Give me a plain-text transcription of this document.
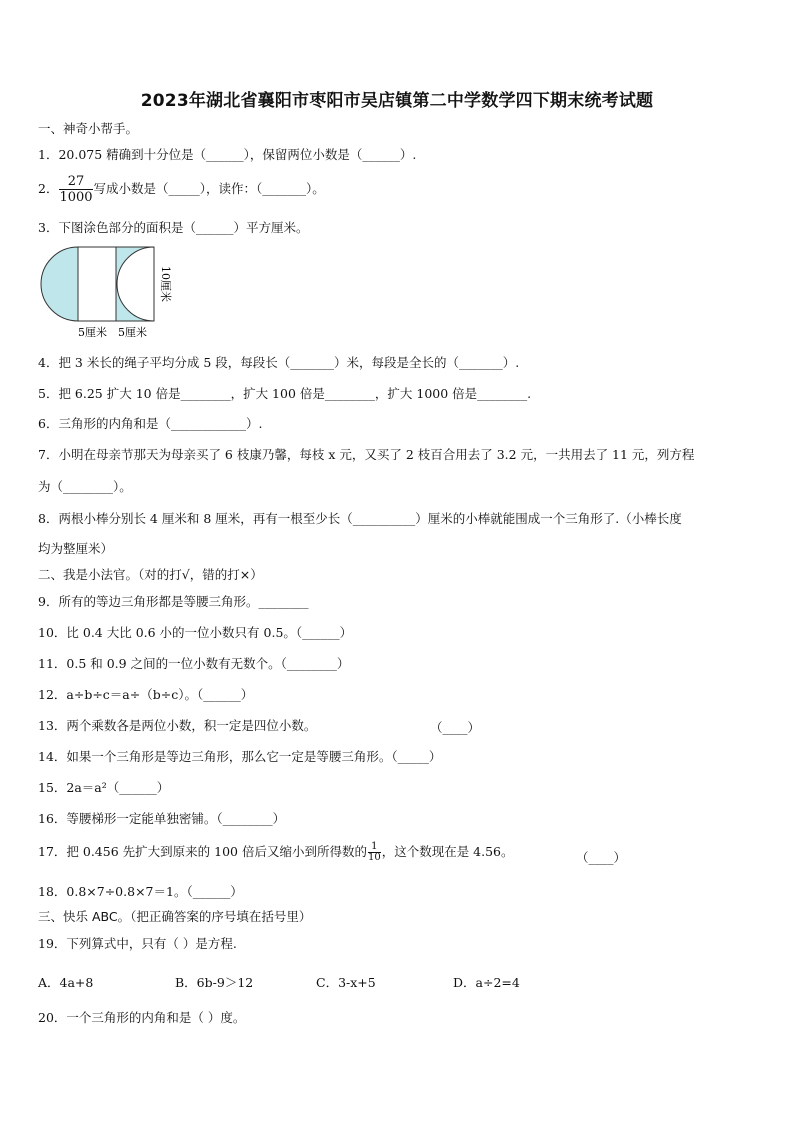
2023年湖北省襄阳市枣阳市吴店镇第二中学数学四下期末统考试题
一、神奇小帮手。
1．20.075 精确到十分位是（______），保留两位小数是（______）.
2． $\frac{27}{1000}$ 写成小数是（_____），读作：（_______）。
3．下图涂色部分的面积是（______）平方厘米。
10厘米
5厘米 5厘米
4．把 3 米长的绳子平均分成 5 段，每段长（_______）米，每段是全长的（_______）.
5．把 6.25 扩大 10 倍是________，扩大 100 倍是________，扩大 1000 倍是________.
6．三角形的内角和是（____________）.
7．小明在母亲节那天为母亲买了 6 枝康乃馨，每枝 x 元，又买了 2 枝百合用去了 3.2 元，一共用去了 11 元，列方程
为（________）。
8．两根小棒分别长 4 厘米和 8 厘米，再有一根至少长（__________）厘米的小棒就能围成一个三角形了.（小棒长度
均为整厘米）
二、我是小法官。（对的打√，错的打×）
9．所有的等边三角形都是等腰三角形。________
10．比 0.4 大比 0.6 小的一位小数只有 0.5。（______）
11．0.5 和 0.9 之间的一位小数有无数个。（________）
12．a÷b÷c＝a÷（b÷c）。（______）
13．两个乘数各是两位小数，积一定是四位小数。	（____）
14．如果一个三角形是等边三角形，那么它一定是等腰三角形。（_____）
15．2a＝a²（______）
16．等腰梯形一定能单独密铺。（________）
17．把 0.456 先扩大到原来的 100 倍后又缩小到所得数的 $\frac{1}{10}$ ，这个数现在是 4.56。	（____）
18．0.8×7÷0.8×7＝1。（______）
三、快乐 ABC。（把正确答案的序号填在括号里）
19．下列算式中，只有（ ）是方程.
A．4a+8	B．6b-9＞12	C．3-x+5	D．a÷2=4
20．一个三角形的内角和是（ ）度。
